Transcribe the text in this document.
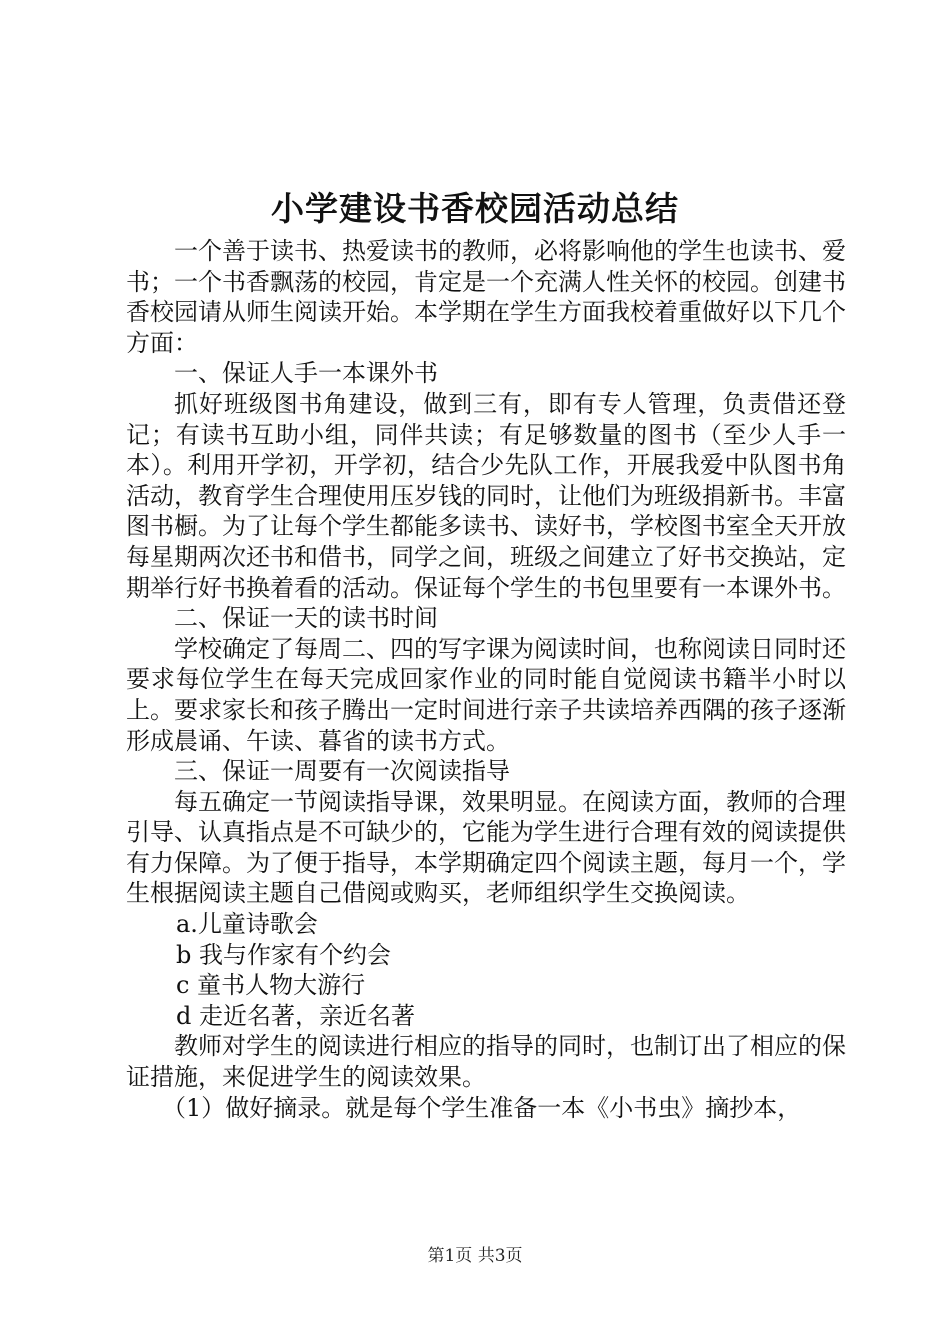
小学建设书香校园活动总结

一个善于读书、热爱读书的教师，必将影响他的学生也读书、爱书；一个书香飘荡的校园，肯定是一个充满人性关怀的校园。创建书香校园请从师生阅读开始。本学期在学生方面我校着重做好以下几个方面：

一、保证人手一本课外书

抓好班级图书角建设，做到三有，即有专人管理，负责借还登记；有读书互助小组，同伴共读；有足够数量的图书（至少人手一本）。利用开学初，开学初，结合少先队工作，开展我爱中队图书角活动，教育学生合理使用压岁钱的同时，让他们为班级捐新书。丰富图书橱。为了让每个学生都能多读书、读好书，学校图书室全天开放每星期两次还书和借书，同学之间，班级之间建立了好书交换站，定期举行好书换着看的活动。保证每个学生的书包里要有一本课外书。

二、保证一天的读书时间

学校确定了每周二、四的写字课为阅读时间，也称阅读日同时还要求每位学生在每天完成回家作业的同时能自觉阅读书籍半小时以上。要求家长和孩子腾出一定时间进行亲子共读培养西隅的孩子逐渐形成晨诵、午读、暮省的读书方式。

三、保证一周要有一次阅读指导

每五确定一节阅读指导课，效果明显。在阅读方面，教师的合理引导、认真指点是不可缺少的，它能为学生进行合理有效的阅读提供有力保障。为了便于指导，本学期确定四个阅读主题，每月一个，学生根据阅读主题自己借阅或购买，老师组织学生交换阅读。

a.儿童诗歌会

b 我与作家有个约会

c 童书人物大游行

d 走近名著，亲近名著

教师对学生的阅读进行相应的指导的同时，也制订出了相应的保证措施，来促进学生的阅读效果。

（1）做好摘录。就是每个学生准备一本《小书虫》摘抄本，

第1页 共3页
